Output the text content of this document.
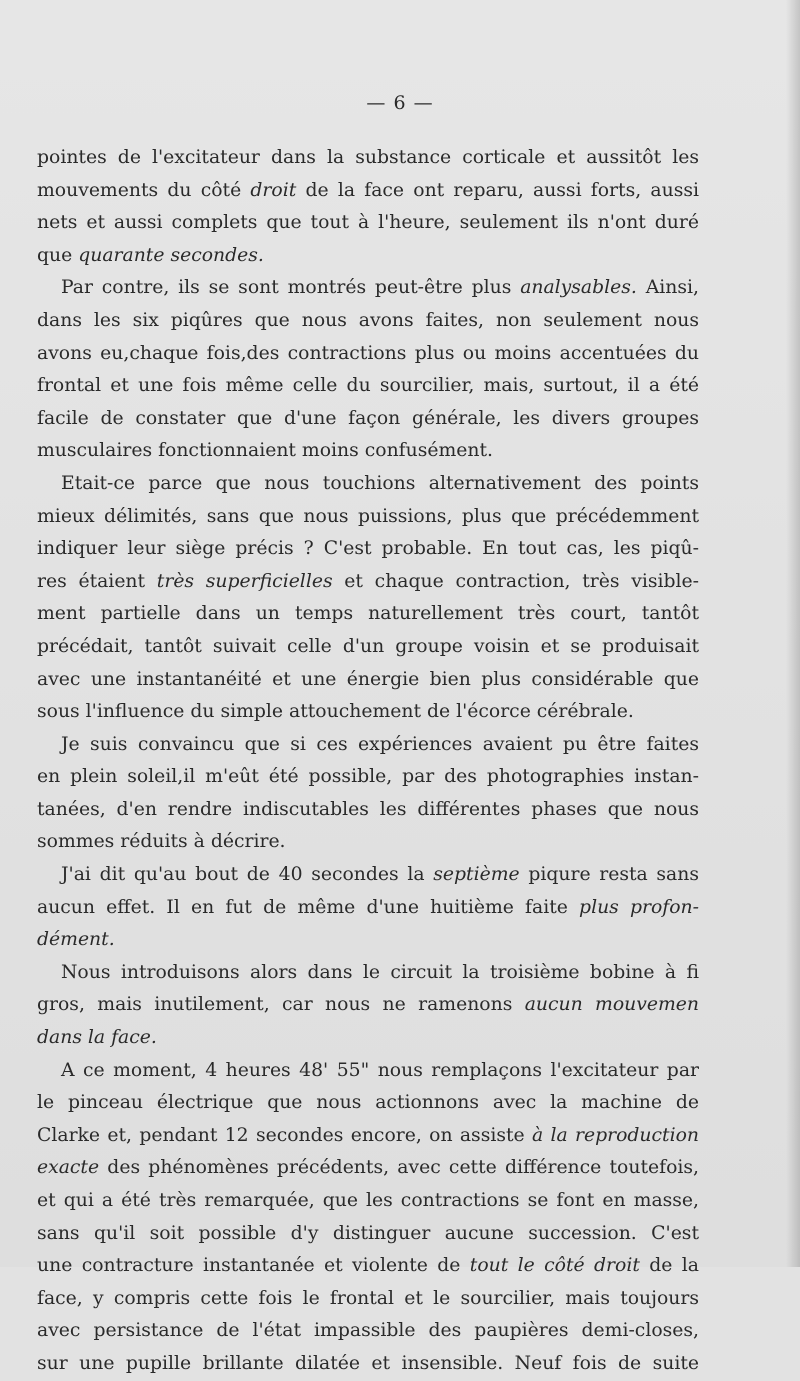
— 6 —
pointes de l'excitateur dans la substance corticale et aussitôt les
mouvements du côté droit de la face ont reparu, aussi forts, aussi
nets et aussi complets que tout à l'heure, seulement ils n'ont duré
que quarante secondes.
Par contre, ils se sont montrés peut-être plus analysables. Ainsi,
dans les six piqûres que nous avons faites, non seulement nous
avons eu,chaque fois,des contractions plus ou moins accentuées du
frontal et une fois même celle du sourcilier, mais, surtout, il a été
facile de constater que d'une façon générale, les divers groupes
musculaires fonctionnaient moins confusément.
Etait-ce parce que nous touchions alternativement des points
mieux délimités, sans que nous puissions, plus que précédemment
indiquer leur siège précis ? C'est probable. En tout cas, les piqû-
res étaient très superficielles et chaque contraction, très visible-
ment partielle dans un temps naturellement très court, tantôt
précédait, tantôt suivait celle d'un groupe voisin et se produisait
avec une instantanéité et une énergie bien plus considérable que
sous l'influence du simple attouchement de l'écorce cérébrale.
Je suis convaincu que si ces expériences avaient pu être faites
en plein soleil,il m'eût été possible, par des photographies instan-
tanées, d'en rendre indiscutables les différentes phases que nous
sommes réduits à décrire.
J'ai dit qu'au bout de 40 secondes la septième piqure resta sans
aucun effet. Il en fut de même d'une huitième faite plus profon-
dément.
Nous introduisons alors dans le circuit la troisième bobine à fi
gros, mais inutilement, car nous ne ramenons aucun mouvemen
dans la face.
A ce moment, 4 heures 48' 55" nous remplaçons l'excitateur par
le pinceau électrique que nous actionnons avec la machine de
Clarke et, pendant 12 secondes encore, on assiste à la reproduction
exacte des phénomènes précédents, avec cette différence toutefois,
et qui a été très remarquée, que les contractions se font en masse,
sans qu'il soit possible d'y distinguer aucune succession. C'est
une contracture instantanée et violente de tout le côté droit de la
face, y compris cette fois le frontal et le sourcilier, mais toujours
avec persistance de l'état impassible des paupières demi-closes,
sur une pupille brillante dilatée et insensible. Neuf fois de suite
